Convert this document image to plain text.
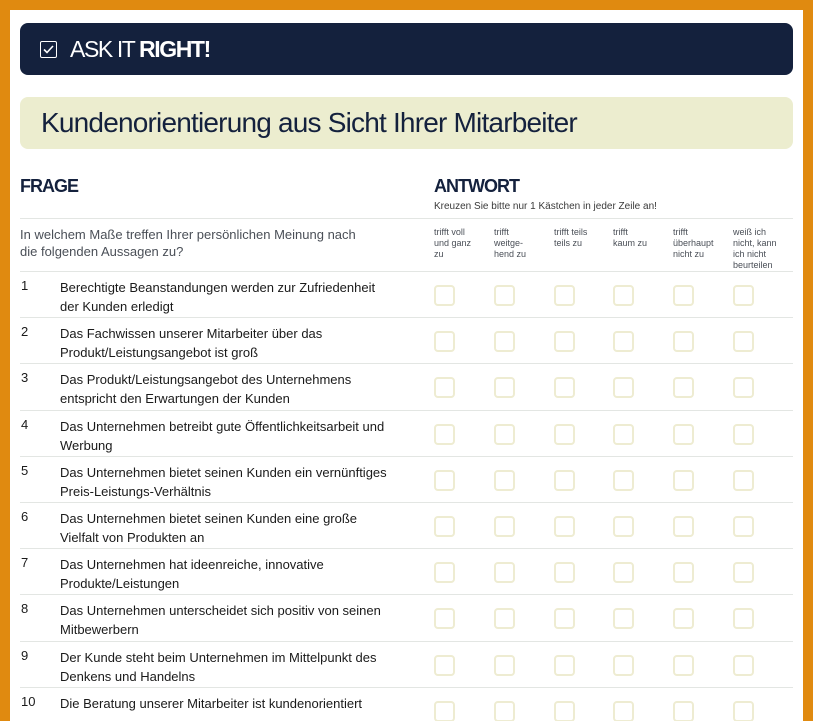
ASK IT RIGHT!
Kundenorientierung aus Sicht Ihrer Mitarbeiter
FRAGE	ANTWORT
Kreuzen Sie bitte nur 1 Kästchen in jeder Zeile an!
In welchem Maße treffen Ihrer persönlichen Meinung nach
die folgenden Aussagen zu?
trifft voll
und ganz
zu
trifft
weitge-
hend zu
trifft teils
teils zu
trifft
kaum zu
trifft
überhaupt
nicht zu
weiß ich
nicht, kann
ich nicht
beurteilen
1 Berechtigte Beanstandungen werden zur Zufriedenheit
der Kunden erledigt
2 Das Fachwissen unserer Mitarbeiter über das
Produkt/Leistungsangebot ist groß
3 Das Produkt/Leistungsangebot des Unternehmens
entspricht den Erwartungen der Kunden
4 Das Unternehmen betreibt gute Öffentlichkeitsarbeit und
Werbung
5 Das Unternehmen bietet seinen Kunden ein vernünftiges
Preis-Leistungs-Verhältnis
6 Das Unternehmen bietet seinen Kunden eine große
Vielfalt von Produkten an
7 Das Unternehmen hat ideenreiche, innovative
Produkte/Leistungen
8 Das Unternehmen unterscheidet sich positiv von seinen
Mitbewerbern
9 Der Kunde steht beim Unternehmen im Mittelpunkt des
Denkens und Handelns
10 Die Beratung unserer Mitarbeiter ist kundenorientiert
